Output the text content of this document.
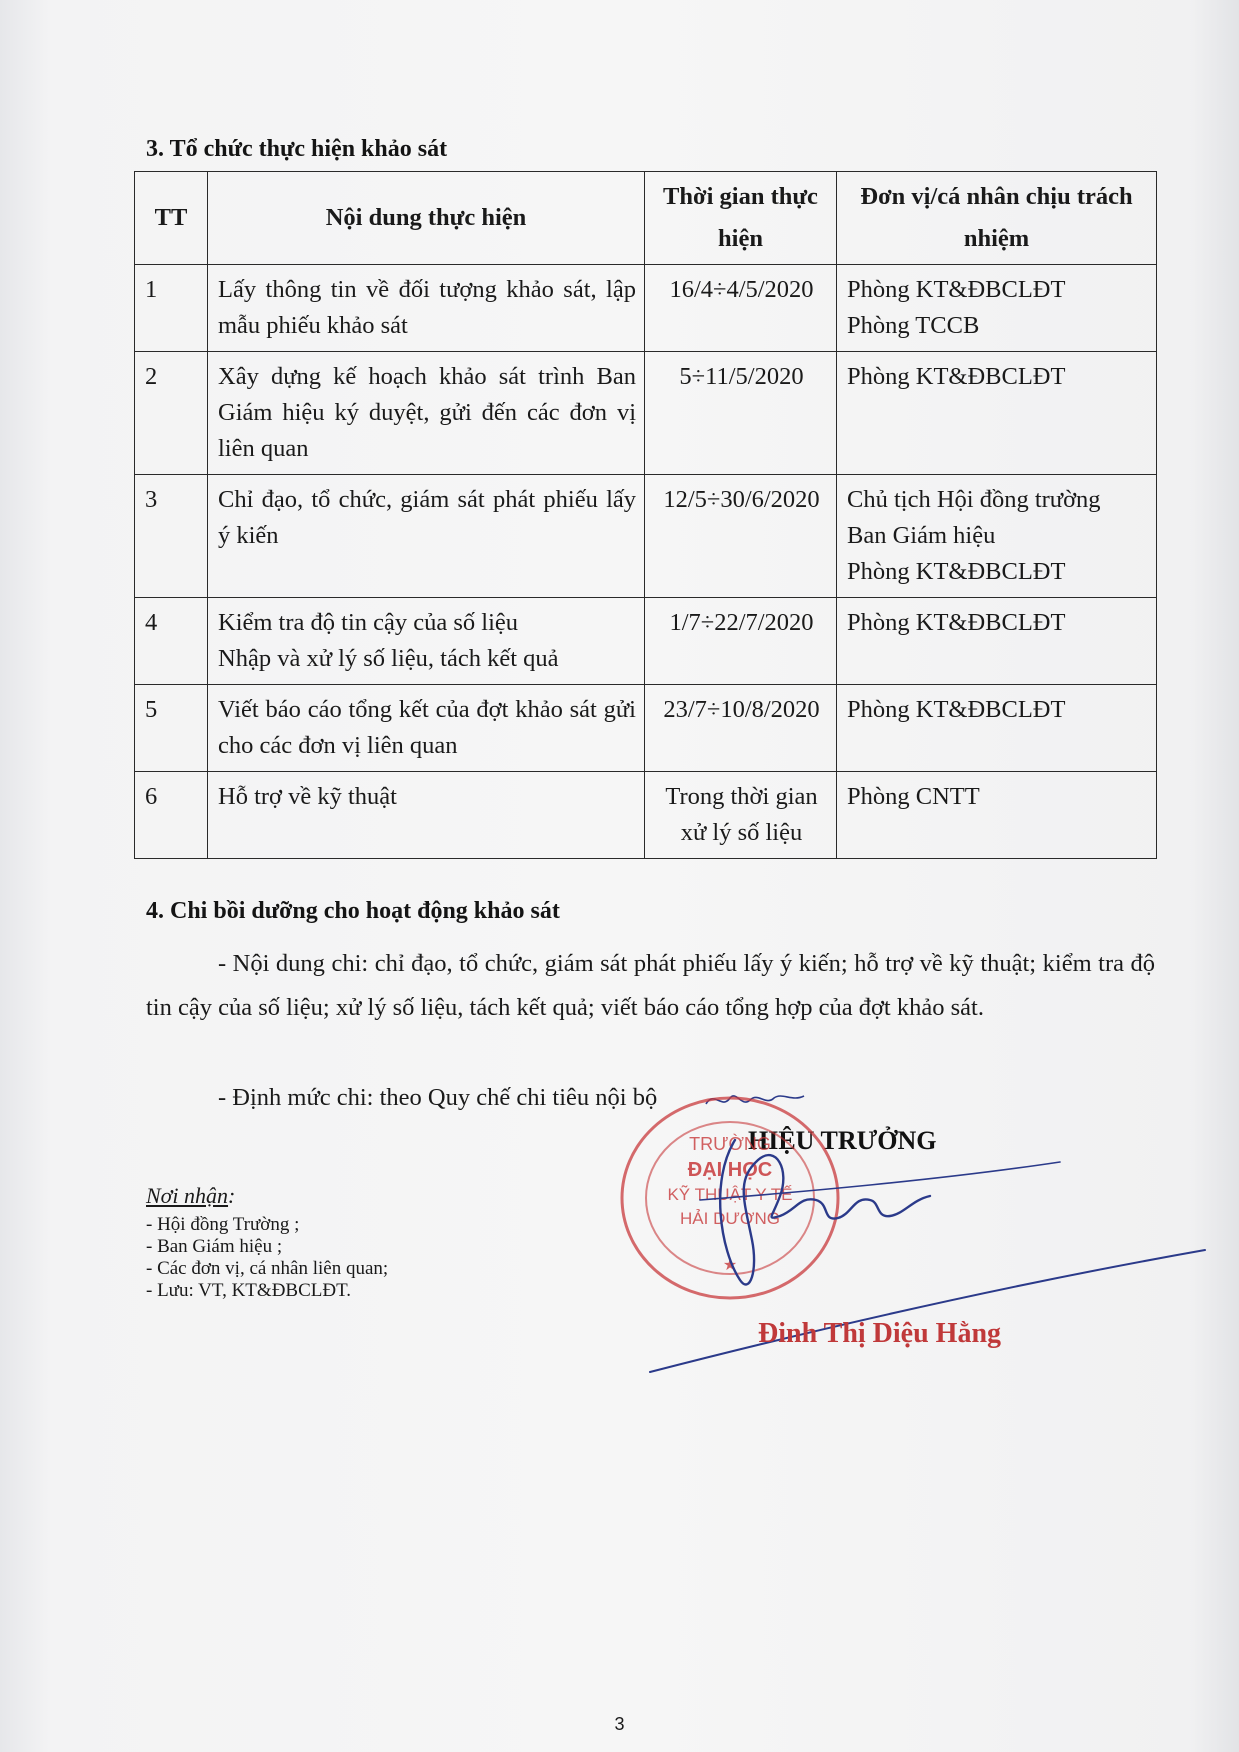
3. Tổ chức thực hiện khảo sát
TT	Nội dung thực hiện	Thời gian thực hiện	Đơn vị/cá nhân chịu trách nhiệm
1	Lấy thông tin về đối tượng khảo sát, lập mẫu phiếu khảo sát	16/4÷4/5/2020	Phòng KT&ĐBCLĐT
Phòng TCCB

2	Xây dựng kế hoạch khảo sát trình Ban Giám hiệu ký duyệt, gửi đến các đơn vị liên quan	5÷11/5/2020	Phòng KT&ĐBCLĐT

3	Chỉ đạo, tổ chức, giám sát phát phiếu lấy ý kiến	12/5÷30/6/2020	Chủ tịch Hội đồng trường
Ban Giám hiệu
Phòng KT&ĐBCLĐT

4	Kiểm tra độ tin cậy của số liệu
Nhập và xử lý số liệu, tách kết quả	1/7÷22/7/2020	Phòng KT&ĐBCLĐT

5	Viết báo cáo tổng kết của đợt khảo sát gửi cho các đơn vị liên quan	23/7÷10/8/2020	Phòng KT&ĐBCLĐT

6	Hỗ trợ về kỹ thuật	Trong thời gian xử lý số liệu	Phòng CNTT
4. Chi bồi dưỡng cho hoạt động khảo sát
- Nội dung chi: chỉ đạo, tổ chức, giám sát phát phiếu lấy ý kiến; hỗ trợ về kỹ thuật; kiểm tra độ tin cậy của số liệu; xử lý số liệu, tách kết quả; viết báo cáo tổng hợp của đợt khảo sát.
- Định mức chi: theo Quy chế chi tiêu nội bộ
HIỆU TRƯỞNG
Nơi nhận:
- Hội đồng Trường ;
- Ban Giám hiệu ;
- Các đơn vị, cá nhân liên quan;
- Lưu: VT, KT&ĐBCLĐT.
TRƯỜNG
ĐẠI HỌC
KỸ THUẬT Y TẾ
HẢI DƯƠNG
★
Đinh Thị Diệu Hằng
3
